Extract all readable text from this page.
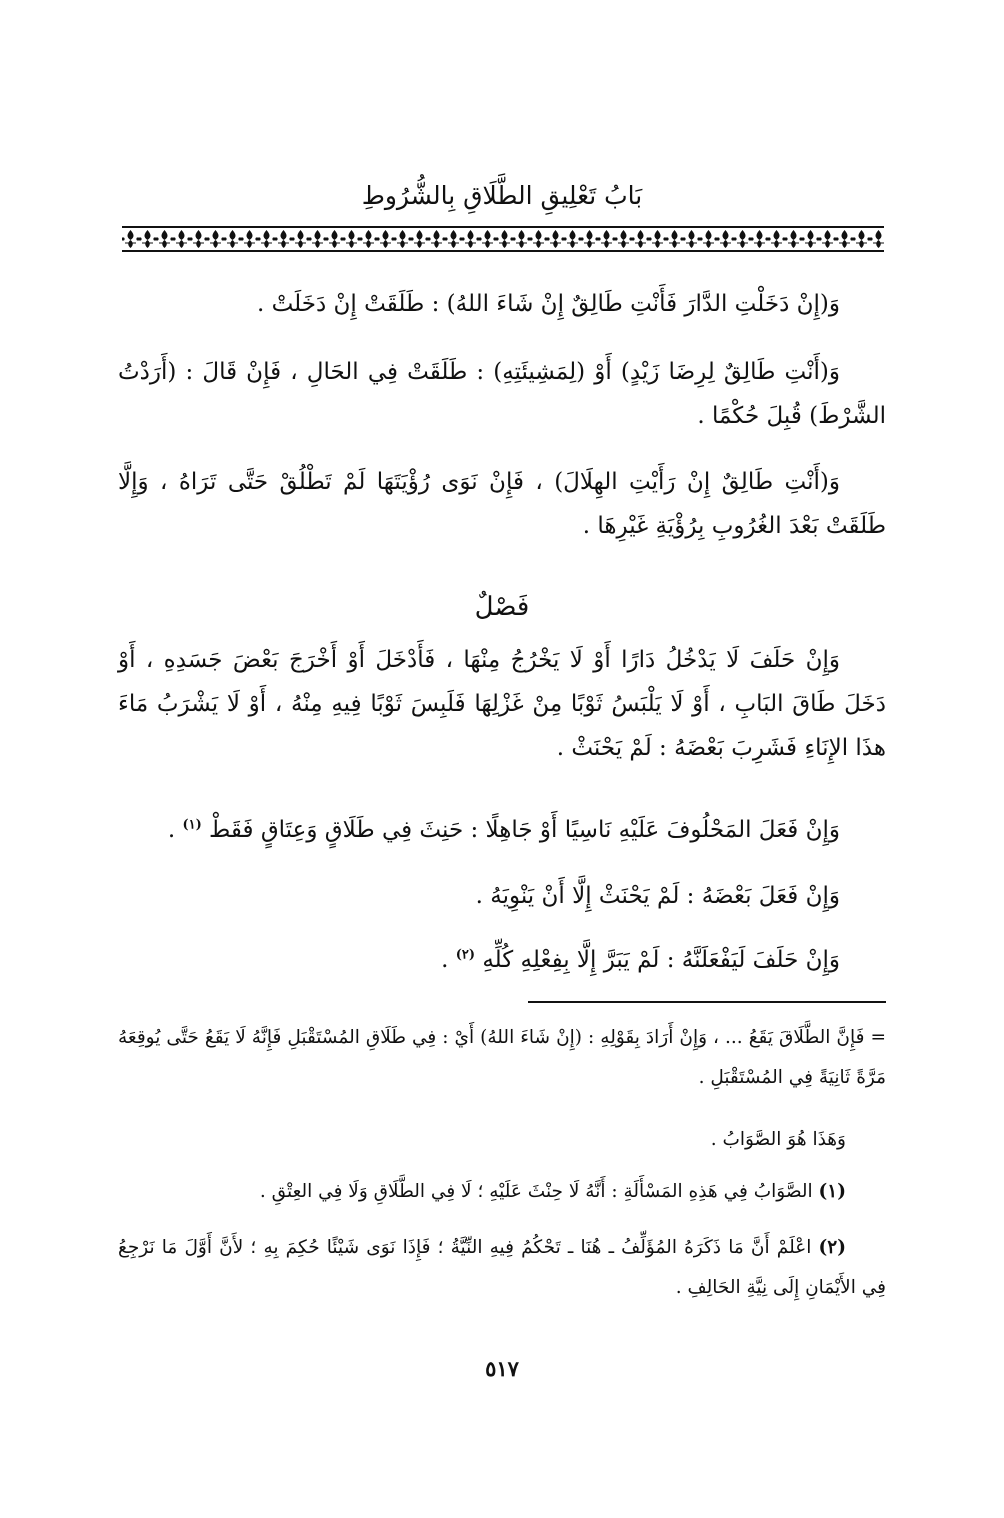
بَابُ تَعْلِيقِ الطَّلَاقِ بِالشُّرُوطِ

وَ(إِنْ دَخَلْتِ الدَّارَ فَأَنْتِ طَالِقٌ إِنْ شَاءَ اللهُ) : طَلَقَتْ إِنْ دَخَلَتْ .

وَ(أَنْتِ طَالِقٌ لِرِضَا زَيْدٍ) أَوْ (لِمَشِيئَتِهِ) : طَلَقَتْ فِي الحَالِ ، فَإِنْ قَالَ : (أَرَدْتُ الشَّرْطَ) قُبِلَ حُكْمًا .

وَ(أَنْتِ طَالِقٌ إِنْ رَأَيْتِ الهِلَالَ) ، فَإِنْ نَوَى رُؤْيَتَهَا لَمْ تَطْلُقْ حَتَّى تَرَاهُ ، وَإِلَّا طَلَقَتْ بَعْدَ الغُرُوبِ بِرُؤْيَةِ غَيْرِهَا .

فَصْلٌ

وَإِنْ حَلَفَ لَا يَدْخُلُ دَارًا أَوْ لَا يَخْرُجُ مِنْهَا ، فَأَدْخَلَ أَوْ أَخْرَجَ بَعْضَ جَسَدِهِ ، أَوْ دَخَلَ طَاقَ البَابِ ، أَوْ لَا يَلْبَسُ ثَوْبًا مِنْ غَزْلِهَا فَلَبِسَ ثَوْبًا فِيهِ مِنْهُ ، أَوْ لَا يَشْرَبُ مَاءَ هذَا الإِنَاءِ فَشَرِبَ بَعْضَهُ : لَمْ يَحْنَثْ .

وَإِنْ فَعَلَ المَحْلُوفَ عَلَيْهِ نَاسِيًا أَوْ جَاهِلًا : حَنِثَ فِي طَلَاقٍ وَعِتَاقٍ فَقَطْ $^{(١)}$ .

وَإِنْ فَعَلَ بَعْضَهُ : لَمْ يَحْنَثْ إِلَّا أَنْ يَنْوِيَهُ .

وَإِنْ حَلَفَ لَيَفْعَلَنَّهُ : لَمْ يَبَرَّ إِلَّا بِفِعْلِهِ كُلِّهِ $^{(٢)}$ .

= فَإِنَّ الطَّلَاقَ يَقَعُ ... ، وَإِنْ أَرَادَ بِقَوْلِهِ : (إِنْ شَاءَ اللهُ) أَيْ : فِي طَلَاقِ المُسْتَقْبَلِ فَإِنَّهُ لَا يَقَعُ حَتَّى يُوقِعَهُ مَرَّةً ثَانِيَةً فِي المُسْتَقْبَلِ .

وَهَذَا هُوَ الصَّوَابُ .

(١) الصَّوَابُ فِي هَذِهِ المَسْأَلَةِ : أَنَّهُ لَا حِنْثَ عَلَيْهِ ؛ لَا فِي الطَّلَاقِ وَلَا فِي العِتْقِ .

(٢) اعْلَمْ أَنَّ مَا ذَكَرَهُ المُؤَلِّفُ ـ هُنَا ـ تَحْكُمُ فِيهِ النِّيَّةُ ؛ فَإِذَا نَوَى شَيْئًا حُكِمَ بِهِ ؛ لأَنَّ أَوَّلَ مَا نَرْجِعُ فِي الأَيْمَانِ إِلَى نِيَّةِ الحَالِفِ .

٥١٧
